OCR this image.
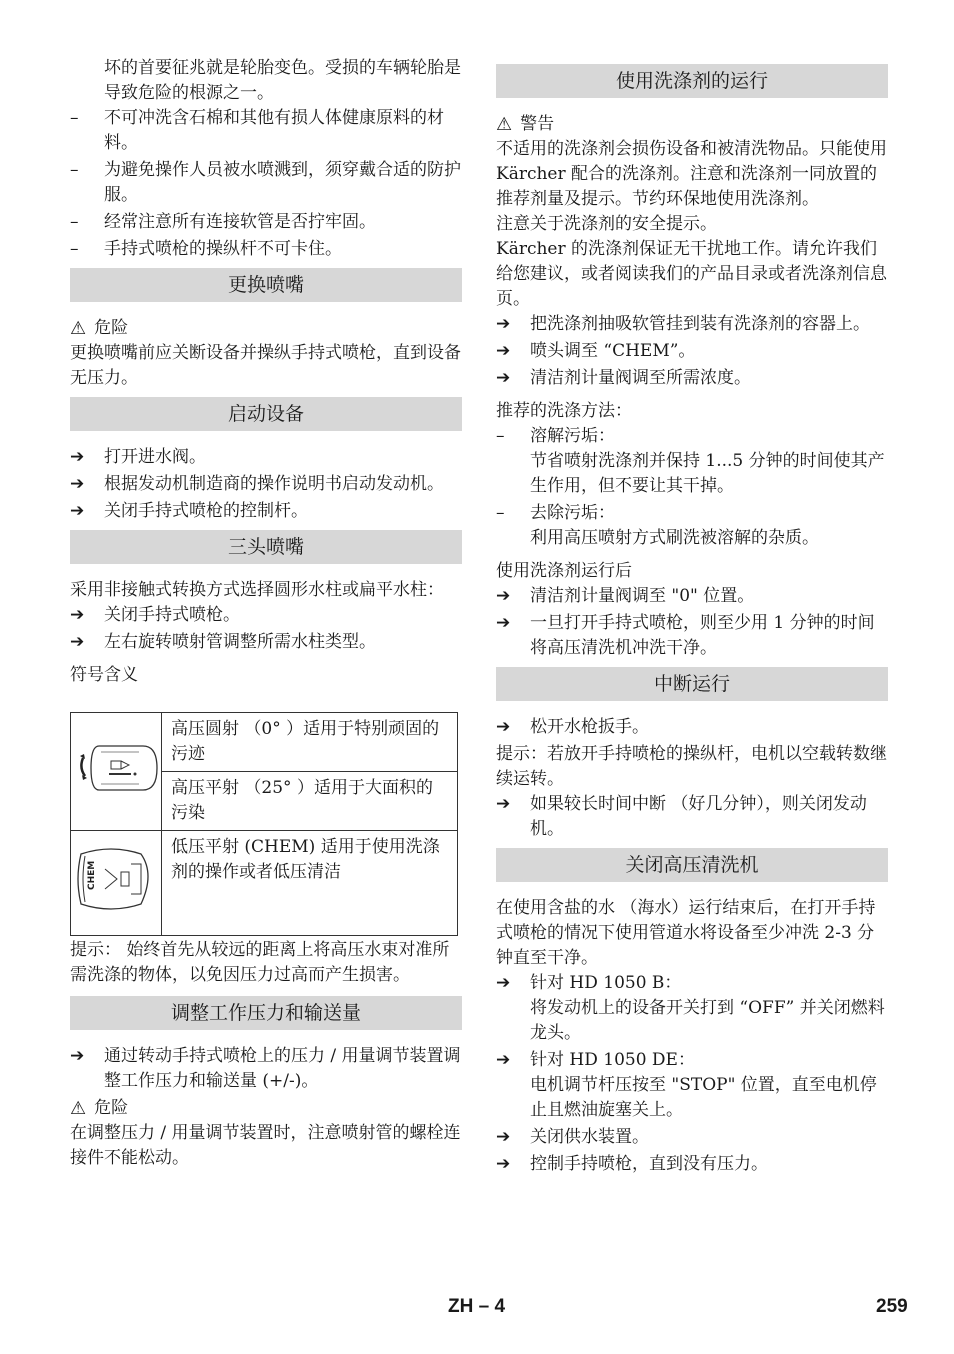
坏的首要征兆就是轮胎变色。受损的车辆轮胎是导致危险的根源之一。

–	不可冲洗含石棉和其他有损人体健康原料的材料。
–	为避免操作人员被水喷溅到，须穿戴合适的防护服。
–	经常注意所有连接软管是否拧牢固。
–	手持式喷枪的操纵杆不可卡住。
更换喷嘴
⚠ 危险

更换喷嘴前应关断设备并操纵手持式喷枪，直到设备无压力。

启动设备
➔	打开进水阀。
➔	根据发动机制造商的操作说明书启动发动机。
➔	关闭手持式喷枪的控制杆。
三头喷嘴

采用非接触式转换方式选择圆形水柱或扁平水柱：

➔	关闭手持式喷枪。
➔	左右旋转喷射管调整所需水柱类型。

符号含义

	高压圆射 （0° ）适用于特别顽固的污迹
	高压平射 （25° ）适用于大面积的污染

CHEM	低压平射 (CHEM) 适用于使用洗涤剂的操作或者低压清洁

提示： 始终首先从较远的距离上将高压水束对准所需洗涤的物体，以免因压力过高而产生损害。

调整工作压力和输送量
➔	通过转动手持式喷枪上的压力 / 用量调节装置调整工作压力和输送量 (+/-)。
⚠ 危险

在调整压力 / 用量调节装置时，注意喷射管的螺栓连接件不能松动。

使用洗涤剂的运行
⚠ 警告

不适用的洗涤剂会损伤设备和被清洗物品。只能使用 Kärcher 配合的洗涤剂。注意和洗涤剂一同放置的推荐剂量及提示。节约环保地使用洗涤剂。

注意关于洗涤剂的安全提示。

Kärcher 的洗涤剂保证无干扰地工作。请允许我们给您建议，或者阅读我们的产品目录或者洗涤剂信息页。

➔	把洗涤剂抽吸软管挂到装有洗涤剂的容器上。
➔	喷头调至 “CHEM”。
➔	清洁剂计量阀调至所需浓度。

推荐的洗涤方法：

–	溶解污垢：
节省喷射洗涤剂并保持 1...5 分钟的时间使其产生作用，但不要让其干掉。
–	去除污垢：
利用高压喷射方式刷洗被溶解的杂质。

使用洗涤剂运行后

➔	清洁剂计量阀调至 "0" 位置。
➔	一旦打开手持式喷枪，则至少用 1 分钟的时间将高压清洗机冲洗干净。
中断运行
➔	松开水枪扳手。

提示：若放开手持喷枪的操纵杆，电机以空载转数继续运转。

➔	如果较长时间中断 （好几分钟），则关闭发动机。
关闭高压清洗机

在使用含盐的水 （海水）运行结束后，在打开手持式喷枪的情况下使用管道水将设备至少冲洗 2-3 分钟直至干净。

➔	针对 HD 1050 B：
将发动机上的设备开关打到 “OFF” 并关闭燃料龙头。
➔	针对 HD 1050 DE：
电机调节杆压按至 "STOP" 位置，直至电机停止且燃油旋塞关上。
➔	关闭供水装置。
➔	控制手持喷枪，直到没有压力。
ZH – 4	259
